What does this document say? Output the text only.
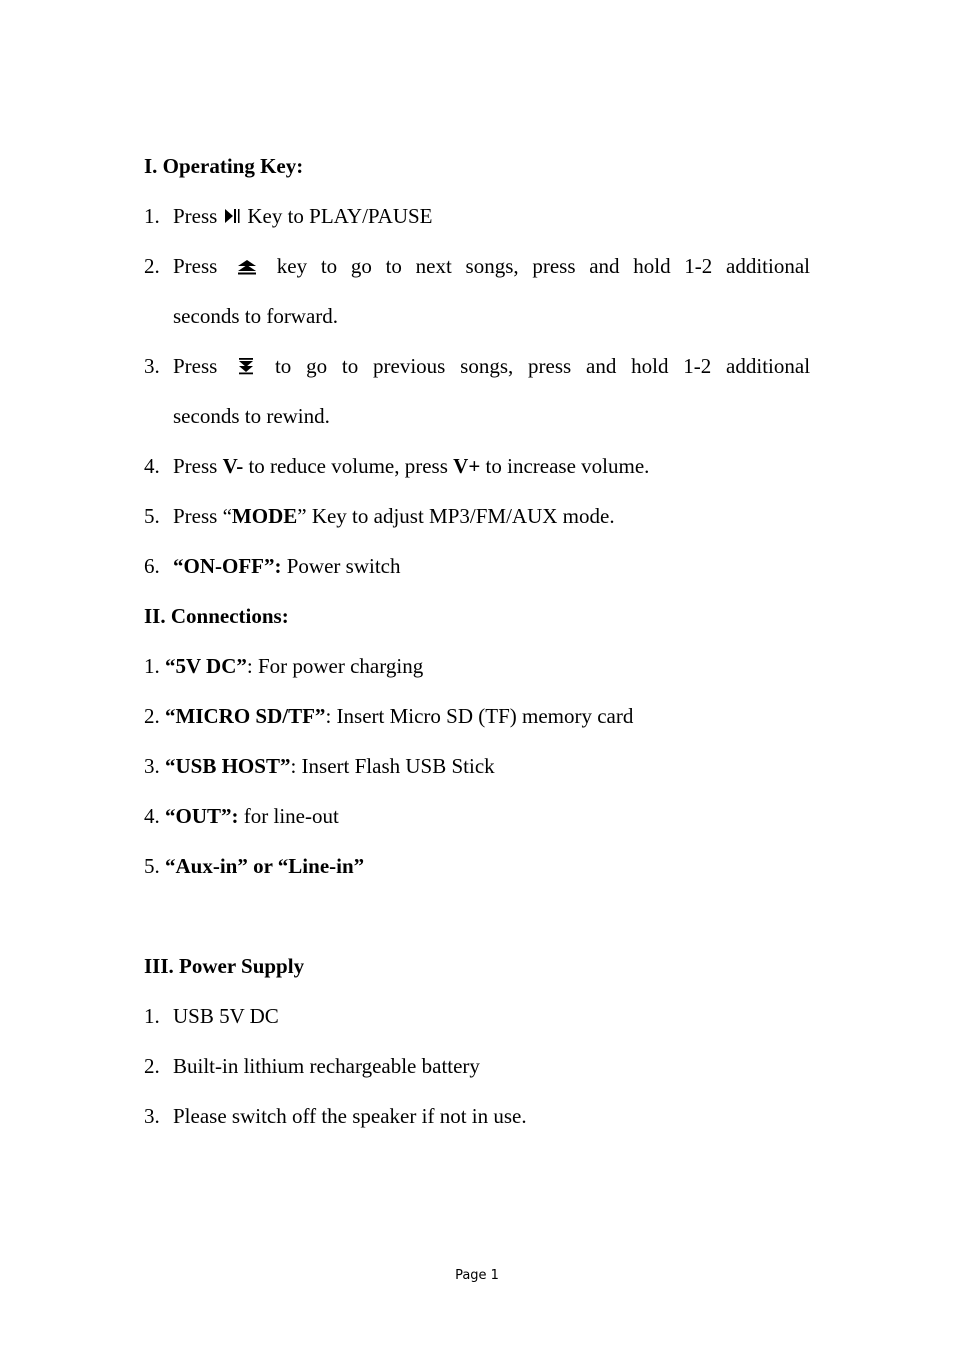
I. Operating Key:
1. Press Key to PLAY/PAUSE
2. Press	key to go to next songs, press and hold 1-2 additional
seconds to forward.
3. Press	to go to previous songs, press and hold 1-2 additional
seconds to rewind.
4. Press V- to reduce volume, press V+ to increase volume.
5. Press “MODE” Key to adjust MP3/FM/AUX mode.
6. “ON-OFF”: Power switch
II. Connections:
1. “5V DC”: For power charging
2. “MICRO SD/TF”: Insert Micro SD (TF) memory card
3. “USB HOST”: Insert Flash USB Stick
4. “OUT”: for line-out
5. “Aux-in” or “Line-in”
III. Power Supply
1. USB 5V DC
2. Built-in lithium rechargeable battery
3. Please switch off the speaker if not in use.
Page 1
